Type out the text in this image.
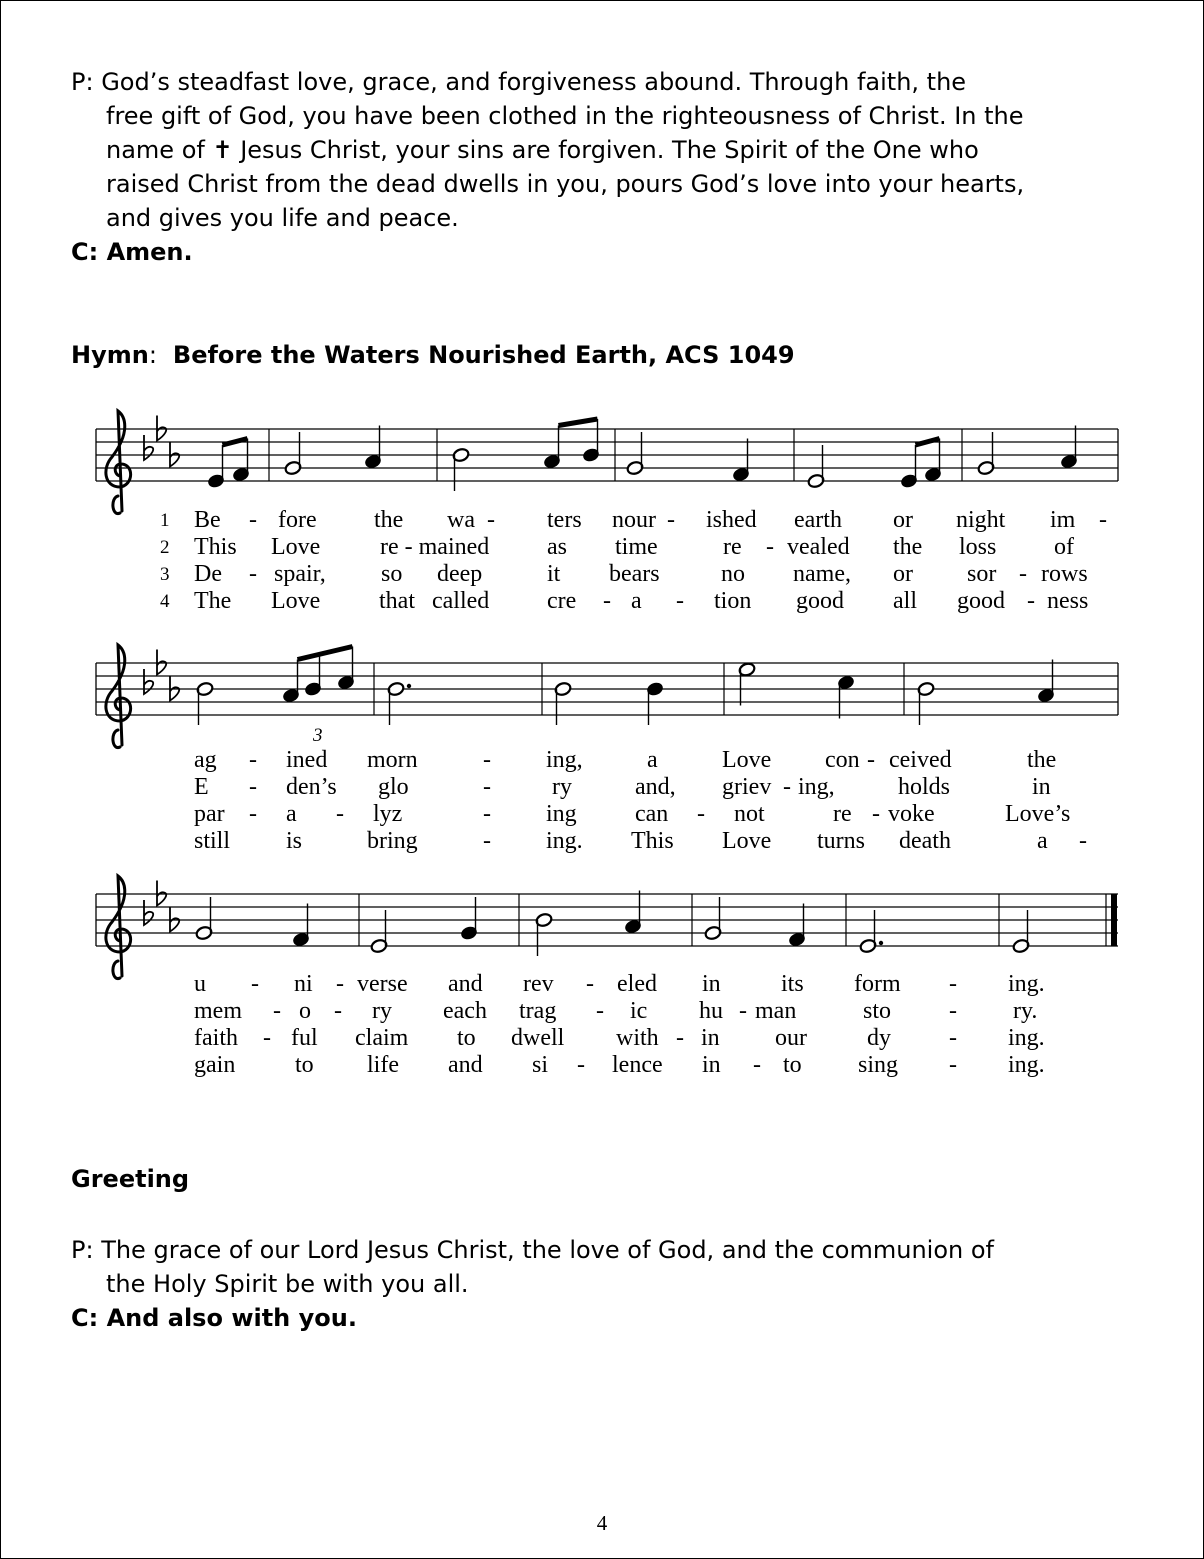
P: God’s steadfast love, grace, and forgiveness abound. Through faith, the
free gift of God, you have been clothed in the righteousness of Christ. In the
name of ✝ Jesus Christ, your sins are forgiven. The Spirit of the One who
raised Christ from the dead dwells in you, pours God’s love into your hearts,
and gives you life and peace.
C: Amen.
Hymn:  Before the Waters Nourished Earth, ACS 1049
3
1 Be - fore the wa - ters nour - ished earth or night im -
2 This Love re - mained as time	re - vealed the loss of
3 De - spair, so deep	it bears	no name, or sor - rows
4 The Love that called cre - a - tion good all good - ness
ag - ined morn	- ing,	a	Love con - ceived	the
E - den’s glo	-	ry	and, griev - ing,	holds	in
par - a - lyz	- ing can - not	re - voke	Love’s
still is	bring	- ing. This Love turns death	a -
u - ni - verse and rev - eled in	its form - ing.
mem - o - ry each trag - ic hu - man	sto - ry.
faith - ful claim to dwell with - in our	dy - ing.
gain to life and si - lence in - to sing - ing.
Greeting
P: The grace of our Lord Jesus Christ, the love of God, and the communion of
the Holy Spirit be with you all.
C: And also with you.
4
